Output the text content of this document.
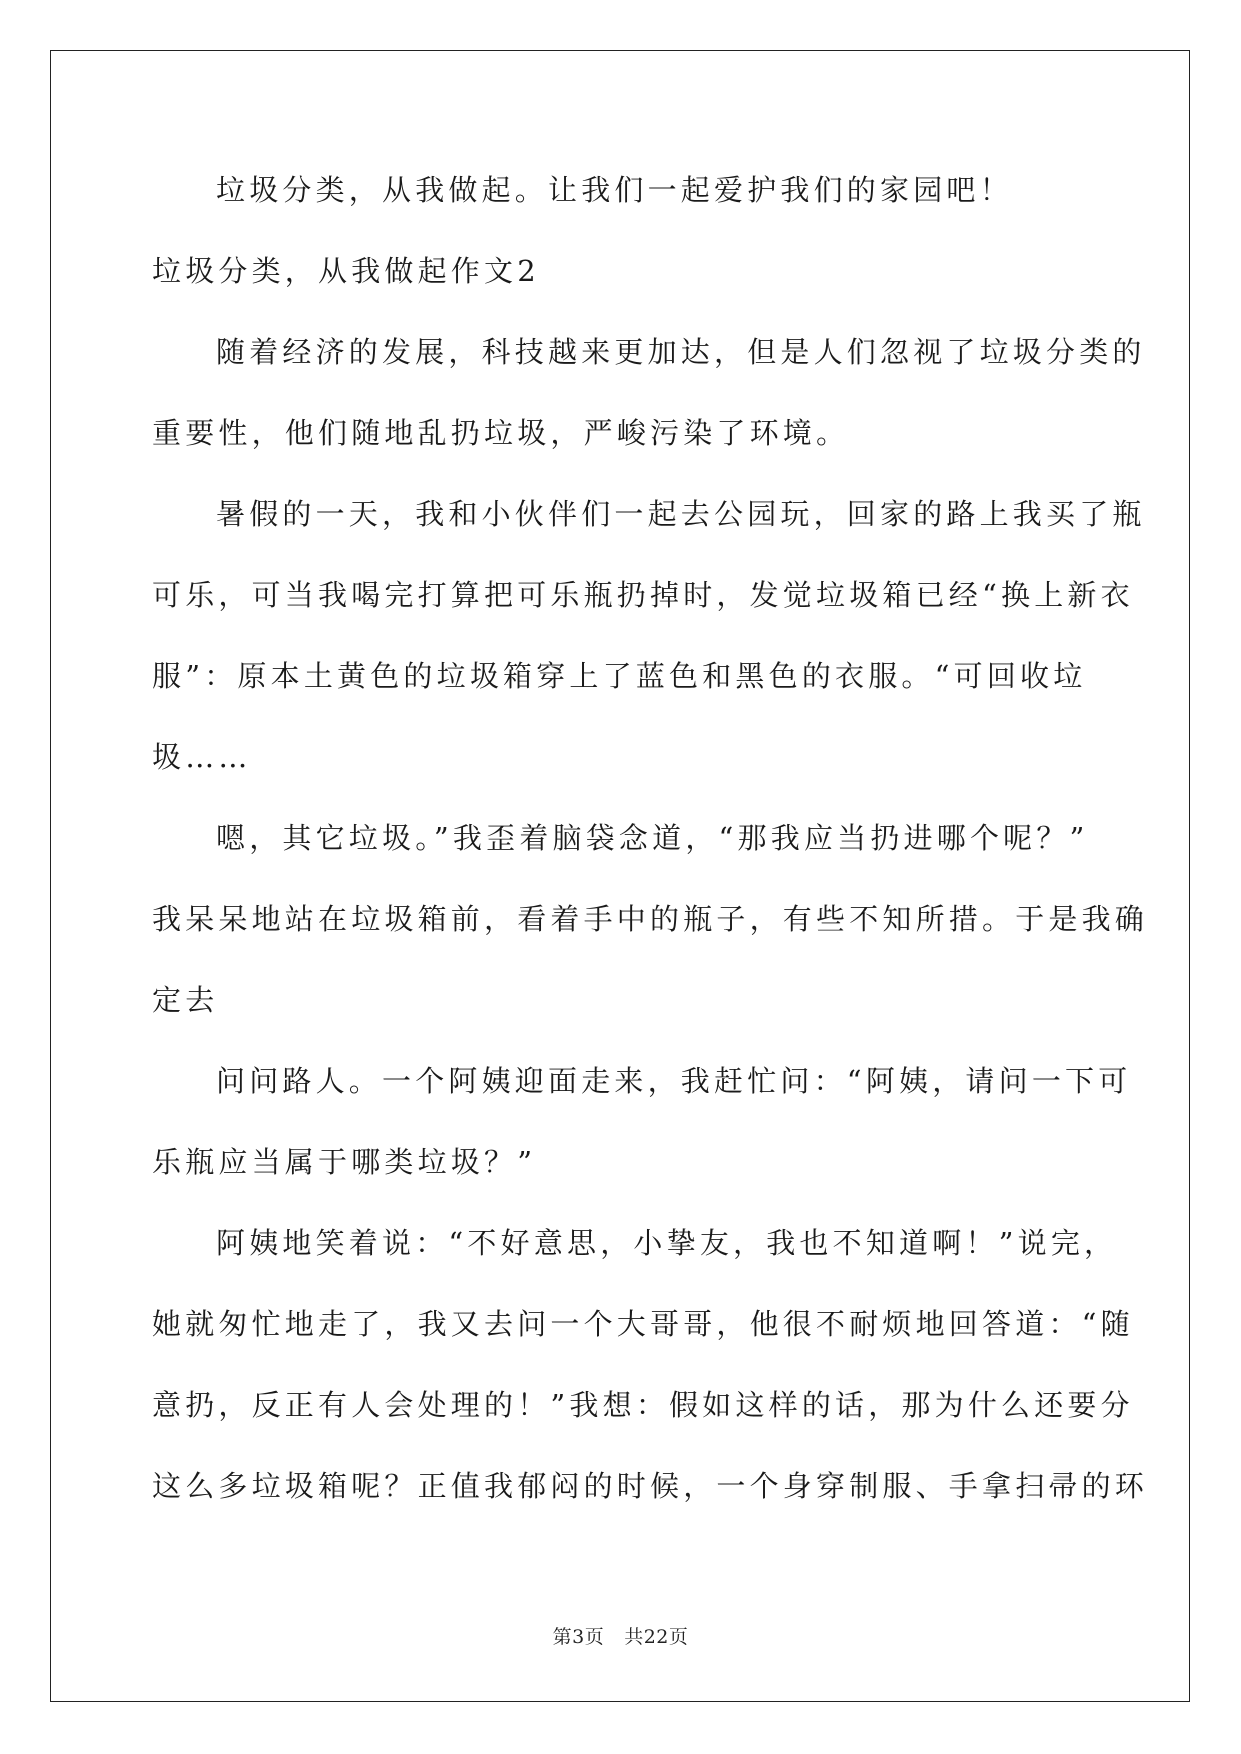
垃圾分类，从我做起。让我们一起爱护我们的家园吧！
垃圾分类，从我做起作文2
随着经济的发展，科技越来更加达，但是人们忽视了垃圾分类的
重要性，他们随地乱扔垃圾，严峻污染了环境。
暑假的一天，我和小伙伴们一起去公园玩，回家的路上我买了瓶
可乐，可当我喝完打算把可乐瓶扔掉时，发觉垃圾箱已经“换上新衣
服”：原本土黄色的垃圾箱穿上了蓝色和黑色的衣服。“可回收垃
圾……
嗯，其它垃圾。”我歪着脑袋念道，“那我应当扔进哪个呢？”
我呆呆地站在垃圾箱前，看着手中的瓶子，有些不知所措。于是我确
定去
问问路人。一个阿姨迎面走来，我赶忙问：“阿姨，请问一下可
乐瓶应当属于哪类垃圾？”
阿姨地笑着说：“不好意思，小挚友，我也不知道啊！”说完，
她就匆忙地走了，我又去问一个大哥哥，他很不耐烦地回答道：“随
意扔，反正有人会处理的！”我想：假如这样的话，那为什么还要分
这么多垃圾箱呢？正值我郁闷的时候，一个身穿制服、手拿扫帚的环
第3页 共22页
